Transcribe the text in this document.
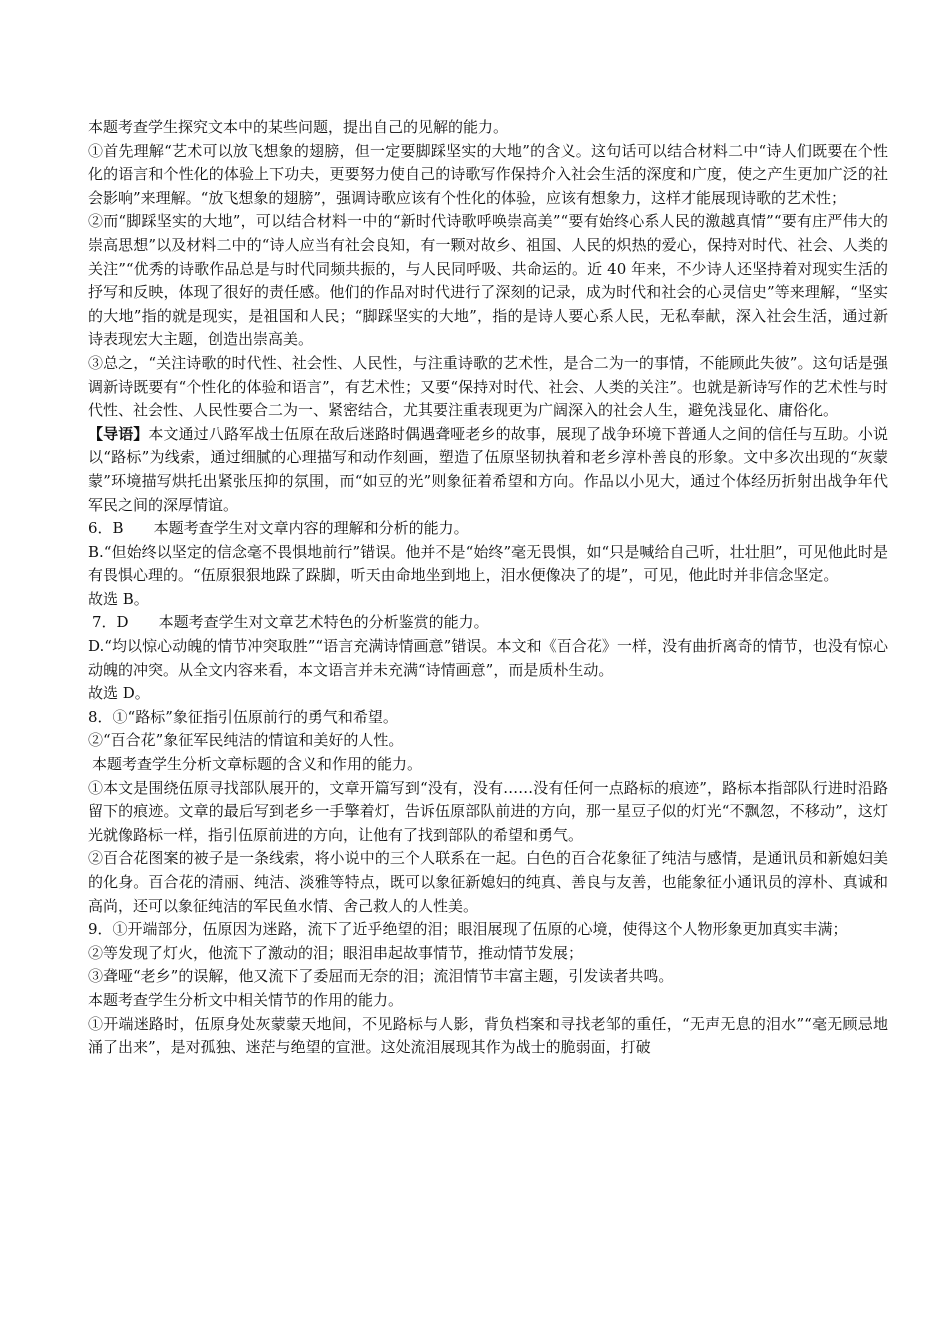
本题考查学生探究文本中的某些问题，提出自己的见解的能力。

①首先理解“艺术可以放飞想象的翅膀，但一定要脚踩坚实的大地”的含义。这句话可以结合材料二中“诗人们既要在个性化的语言和个性化的体验上下功夫，更要努力使自己的诗歌写作保持介入社会生活的深度和广度，使之产生更加广泛的社会影响”来理解。“放飞想象的翅膀”，强调诗歌应该有个性化的体验，应该有想象力，这样才能展现诗歌的艺术性；

②而“脚踩坚实的大地”，可以结合材料一中的“新时代诗歌呼唤崇高美”“要有始终心系人民的激越真情”“要有庄严伟大的崇高思想”以及材料二中的“诗人应当有社会良知，有一颗对故乡、祖国、人民的炽热的爱心，保持对时代、社会、人类的关注”“优秀的诗歌作品总是与时代同频共振的，与人民同呼吸、共命运的。近 40 年来，不少诗人还坚持着对现实生活的抒写和反映，体现了很好的责任感。他们的作品对时代进行了深刻的记录，成为时代和社会的心灵信史”等来理解，“坚实的大地”指的就是现实，是祖国和人民；“脚踩坚实的大地”，指的是诗人要心系人民，无私奉献，深入社会生活，通过新诗表现宏大主题，创造出崇高美。

③总之，“关注诗歌的时代性、社会性、人民性，与注重诗歌的艺术性，是合二为一的事情，不能顾此失彼”。这句话是强调新诗既要有“个性化的体验和语言”，有艺术性；又要“保持对时代、社会、人类的关注”。也就是新诗写作的艺术性与时代性、社会性、人民性要合二为一、紧密结合，尤其要注重表现更为广阔深入的社会人生，避免浅显化、庸俗化。

【导语】本文通过八路军战士伍原在敌后迷路时偶遇聋哑老乡的故事，展现了战争环境下普通人之间的信任与互助。小说以“路标”为线索，通过细腻的心理描写和动作刻画，塑造了伍原坚韧执着和老乡淳朴善良的形象。文中多次出现的“灰蒙蒙”环境描写烘托出紧张压抑的氛围，而“如豆的光”则象征着希望和方向。作品以小见大，通过个体经历折射出战争年代军民之间的深厚情谊。

6．B　　本题考查学生对文章内容的理解和分析的能力。

B.“但始终以坚定的信念毫不畏惧地前行”错误。他并不是“始终”毫无畏惧，如“只是喊给自己听，壮壮胆”，可见他此时是有畏惧心理的。“伍原狠狠地跺了跺脚，听天由命地坐到地上，泪水便像决了的堤”，可见，他此时并非信念坚定。

故选 B。

7．D　　本题考查学生对文章艺术特色的分析鉴赏的能力。

D.“均以惊心动魄的情节冲突取胜”“语言充满诗情画意”错误。本文和《百合花》一样，没有曲折离奇的情节，也没有惊心动魄的冲突。从全文内容来看，本文语言并未充满“诗情画意”，而是质朴生动。

故选 D。

8．①“路标”象征指引伍原前行的勇气和希望。

②“百合花”象征军民纯洁的情谊和美好的人性。

本题考查学生分析文章标题的含义和作用的能力。

①本文是围绕伍原寻找部队展开的，文章开篇写到“没有，没有……没有任何一点路标的痕迹”，路标本指部队行进时沿路留下的痕迹。文章的最后写到老乡一手擎着灯，告诉伍原部队前进的方向，那一星豆子似的灯光“不飘忽，不移动”，这灯光就像路标一样，指引伍原前进的方向，让他有了找到部队的希望和勇气。

②百合花图案的被子是一条线索，将小说中的三个人联系在一起。白色的百合花象征了纯洁与感情，是通讯员和新媳妇美的化身。百合花的清丽、纯洁、淡雅等特点，既可以象征新媳妇的纯真、善良与友善，也能象征小通讯员的淳朴、真诚和高尚，还可以象征纯洁的军民鱼水情、舍己救人的人性美。

9．①开端部分，伍原因为迷路，流下了近乎绝望的泪；眼泪展现了伍原的心境，使得这个人物形象更加真实丰满；

②等发现了灯火，他流下了激动的泪；眼泪串起故事情节，推动情节发展；

③聋哑“老乡”的误解，他又流下了委屈而无奈的泪；流泪情节丰富主题，引发读者共鸣。

本题考查学生分析文中相关情节的作用的能力。

①开端迷路时，伍原身处灰蒙蒙天地间，不见路标与人影，背负档案和寻找老邹的重任，“无声无息的泪水”“毫无顾忌地涌了出来”，是对孤独、迷茫与绝望的宣泄。这处流泪展现其作为战士的脆弱面，打破
